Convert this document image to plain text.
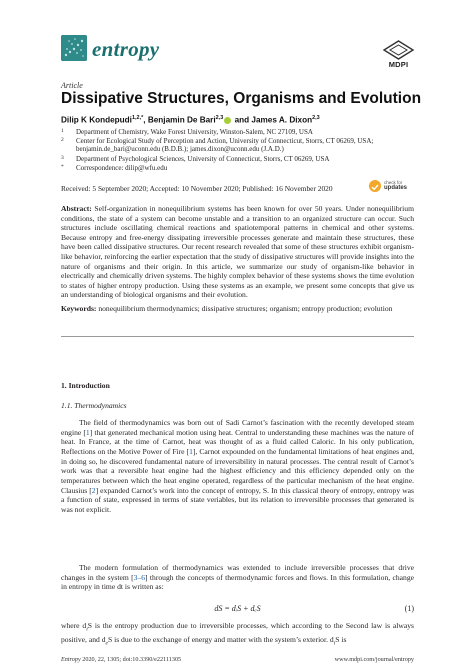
entropy
MDPI
Article
Dissipative Structures, Organisms and Evolution
Dilip K Kondepudi$^{1,2,*}$, Benjamin De Bari$^{2,3}$ and James A. Dixon$^{2,3}$
1	Department of Chemistry, Wake Forest University, Winston-Salem, NC 27109, USA
2	Center for Ecological Study of Perception and Action, University of Connecticut, Storrs, CT 06269, USA; benjamin.de_bari@uconn.edu (B.D.B.); james.dixon@uconn.edu (J.A.D.)
3	Department of Psychological Sciences, University of Connecticut, Storrs, CT 06269, USA
*	Correspondence: dilip@wfu.edu
Received: 5 September 2020; Accepted: 10 November 2020; Published: 16 November 2020
check for
updates
Abstract: Self-organization in nonequilibrium systems has been known for over 50 years. Under nonequilibrium conditions, the state of a system can become unstable and a transition to an organized structure can occur. Such structures include oscillating chemical reactions and spatiotemporal patterns in chemical and other systems. Because entropy and free-energy dissipating irreversible processes generate and maintain these structures, these have been called dissipative structures. Our recent research revealed that some of these structures exhibit organism-like behavior, reinforcing the earlier expectation that the study of dissipative structures will provide insights into the nature of organisms and their origin. In this article, we summarize our study of organism-like behavior in electrically and chemically driven systems. The highly complex behavior of these systems shows the time evolution to states of higher entropy production. Using these systems as an example, we present some concepts that give us an understanding of biological organisms and their evolution.
Keywords: nonequilibrium thermodynamics; dissipative structures; organism; entropy production; evolution
1. Introduction
1.1. Thermodynamics
The field of thermodynamics was born out of Sadi Carnot’s fascination with the recently developed steam engine [1] that generated mechanical motion using heat. Central to understanding these machines was the nature of heat. In France, at the time of Carnot, heat was thought of as a fluid called Caloric. In his only publication, Reflections on the Motive Power of Fire [1], Carnot expounded on the fundamental limitations of heat engines and, in doing so, he discovered fundamental nature of irreversibility in natural processes. The central result of Carnot’s work was that a reversible heat engine had the highest efficiency and this efficiency depended only on the temperatures between which the heat engine operated, regardless of the particular mechanism of the heat engine. Clausius [2] expanded Carnot’s work into the concept of entropy, S. In this classical theory of entropy, entropy was a function of state, expressed in terms of state veriables, but its relation to irreversible processes that generated is was not explicit.
The modern formulation of thermodynamics was extended to include irreversible processes that drive changes in the system [3–6] through the concepts of thermodynamic forces and flows. In this formulation, change in entropy in time dt is written as:
dS = dᵢS + dₑS	(1)
where $d_iS$ is the entropy production due to irreversible processes, which according to the Second law is always positive, and $d_eS$ is due to the exchange of energy and matter with the system’s exterior. $d_iS$ is
Entropy 2020, 22, 1305; doi:10.3390/e22111305	www.mdpi.com/journal/entropy
